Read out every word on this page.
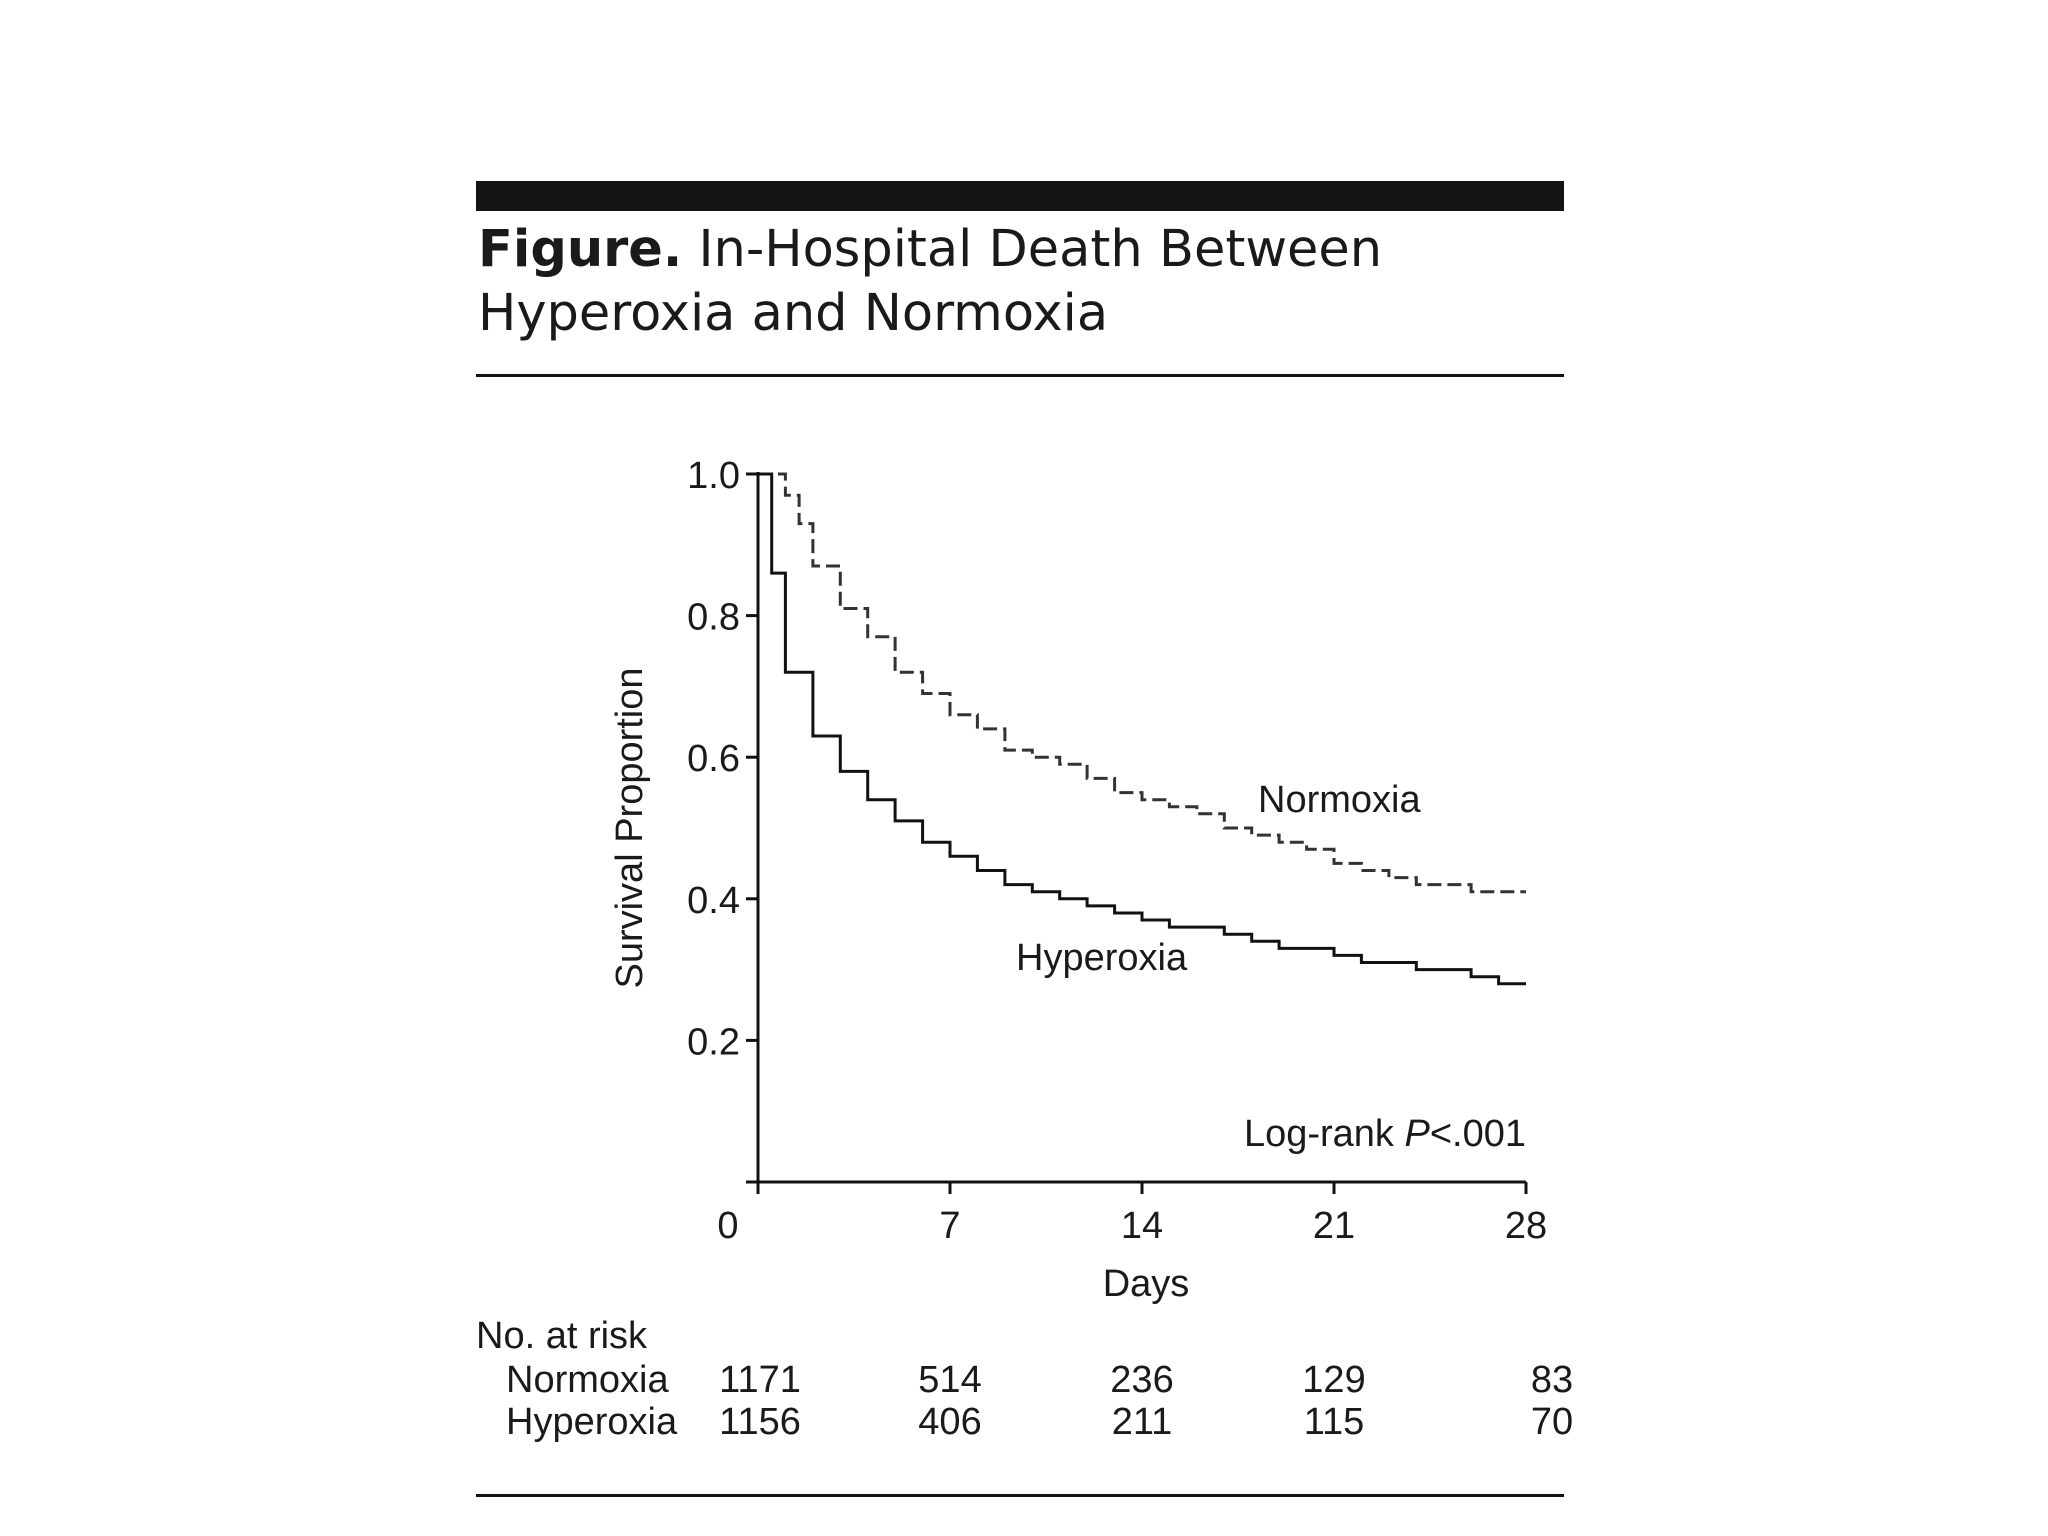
Figure. In-Hospital Death Between Hyperoxia and Normoxia
0.2
0.4
0.6
0.8
1.0
0	7	14	21	28
Days
Survival Proportion	Normoxia
Hyperoxia
Log-rank P<.001
No. at risk
Normoxia 1171	514	236	129	83
Hyperoxia 1156	406	211	115	70
